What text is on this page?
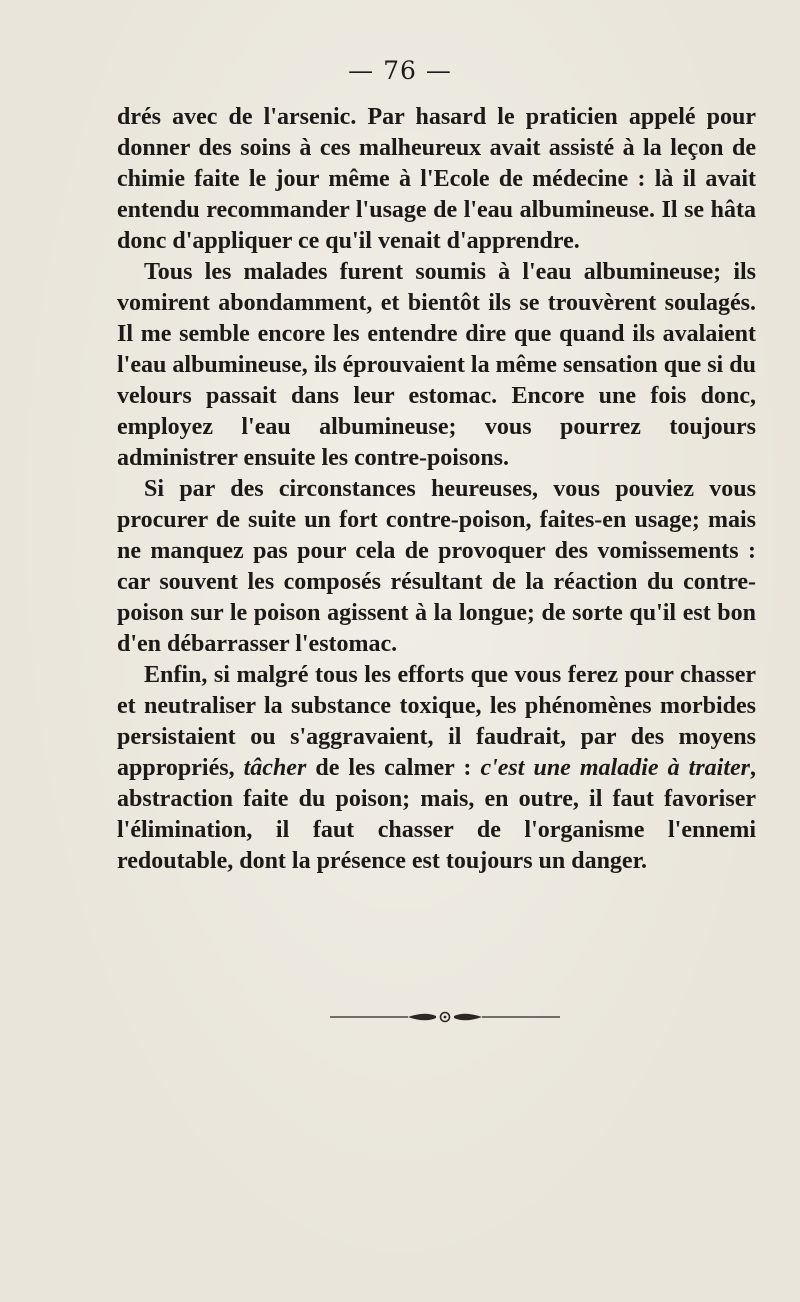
— 76 —

drés avec de l'arsenic. Par hasard le praticien appelé pour donner des soins à ces malheureux avait assisté à la leçon de chimie faite le jour même à l'Ecole de médecine : là il avait entendu recommander l'usage de l'eau albumineuse. Il se hâta donc d'appliquer ce qu'il venait d'apprendre.

Tous les malades furent soumis à l'eau albumineuse; ils vomirent abondamment, et bientôt ils se trouvèrent soulagés. Il me semble encore les entendre dire que quand ils avalaient l'eau albumineuse, ils éprouvaient la même sensation que si du velours passait dans leur estomac. Encore une fois donc, employez l'eau albumineuse; vous pourrez toujours administrer ensuite les contre-poisons.

Si par des circonstances heureuses, vous pouviez vous procurer de suite un fort contre-poison, faites-en usage; mais ne manquez pas pour cela de provoquer des vomissements : car souvent les composés résultant de la réaction du contre-poison sur le poison agissent à la longue; de sorte qu'il est bon d'en débarrasser l'estomac.

Enfin, si malgré tous les efforts que vous ferez pour chasser et neutraliser la substance toxique, les phénomènes morbides persistaient ou s'aggravaient, il faudrait, par des moyens appropriés, tâcher de les calmer : c'est une maladie à traiter, abstraction faite du poison; mais, en outre, il faut favoriser l'élimination, il faut chasser de l'organisme l'ennemi redoutable, dont la présence est toujours un danger.
